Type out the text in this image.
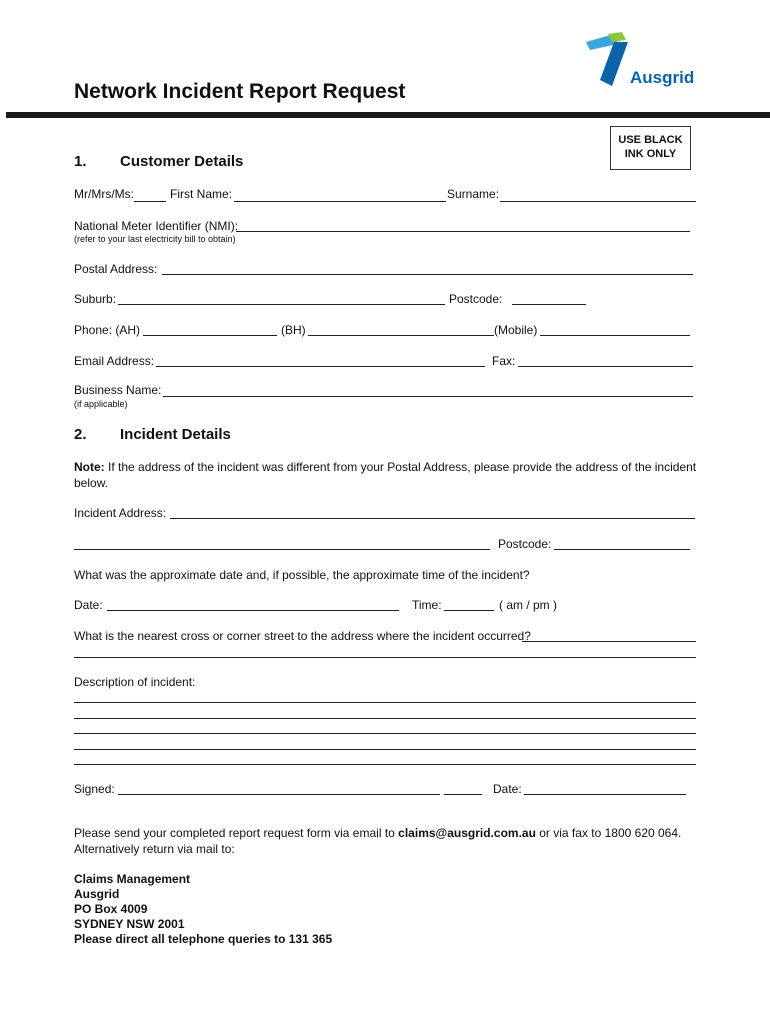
Network Incident Report Request
Ausgrid
USE BLACK
INK ONLY
1. Customer Details
Mr/Mrs/Ms:	First Name:	Surname:
National Meter Identifier (NMI):
(refer to your last electricity bill to obtain)
Postal Address:
Suburb:	Postcode:
Phone: (AH)	(BH)	(Mobile)
Email Address:	Fax:
Business Name:
(if applicable)
2. Incident Details
Note: If the address of the incident was different from your Postal Address, please provide the address of the incident
below.
Incident Address:
Postcode:
What was the approximate date and, if possible, the approximate time of the incident?
Date:	Time:	( am / pm )
What is the nearest cross or corner street to the address where the incident occurred?
Description of incident:
Signed:	Date:
Please send your completed report request form via email to claims@ausgrid.com.au or via fax to 1800 620 064.
Alternatively return via mail to:
Claims Management
Ausgrid
PO Box 4009
SYDNEY NSW 2001
Please direct all telephone queries to 131 365
